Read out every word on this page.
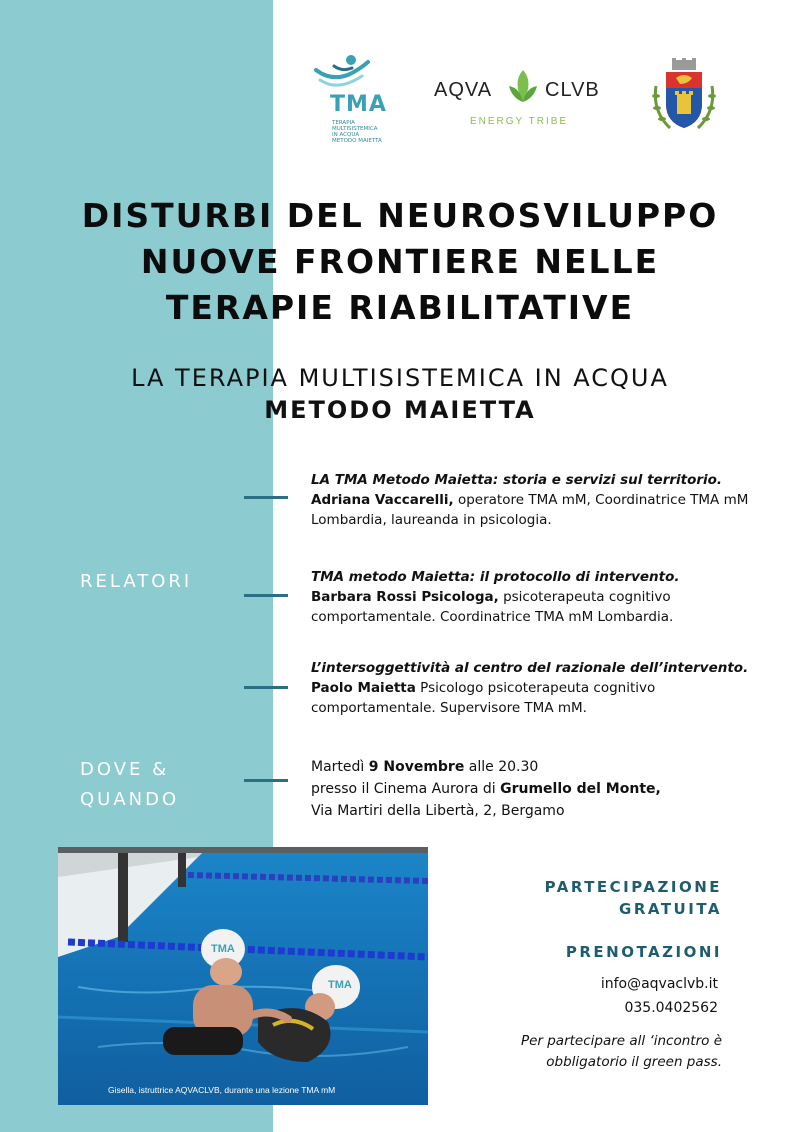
TMA
TERAPIA
MULTISISTEMICA
IN ACQUA
METODO MAIETTA
AQVA	CLVB
ENERGY TRIBE
DISTURBI DEL NEUROSVILUPPO
NUOVE FRONTIERE NELLE
TERAPIE RIABILITATIVE
LA TERAPIA MULTISISTEMICA IN ACQUA
METODO MAIETTA
RELATORI
DOVE &
QUANDO
LA TMA Metodo Maietta: storia e servizi sul territorio.
Adriana Vaccarelli, operatore TMA mM, Coordinatrice TMA mM Lombardia, laureanda in psicologia.
TMA metodo Maietta: il protocollo di intervento.
Barbara Rossi Psicologa, psicoterapeuta cognitivo comportamentale. Coordinatrice TMA mM Lombardia.
L’intersoggettività al centro del razionale dell’intervento.
Paolo Maietta Psicologo psicoterapeuta cognitivo comportamentale. Supervisore TMA mM.
Martedì 9 Novembre alle 20.30
presso il Cinema Aurora di Grumello del Monte,
Via Martiri della Libertà, 2, Bergamo
TMA
TMA
Gisella, istruttrice AQVACLVB, durante una lezione TMA mM
PARTECIPAZIONE
GRATUITA
PRENOTAZIONI
info@aqvaclvb.it
035.0402562
Per partecipare all ‘incontro è
obbligatorio il green pass.
